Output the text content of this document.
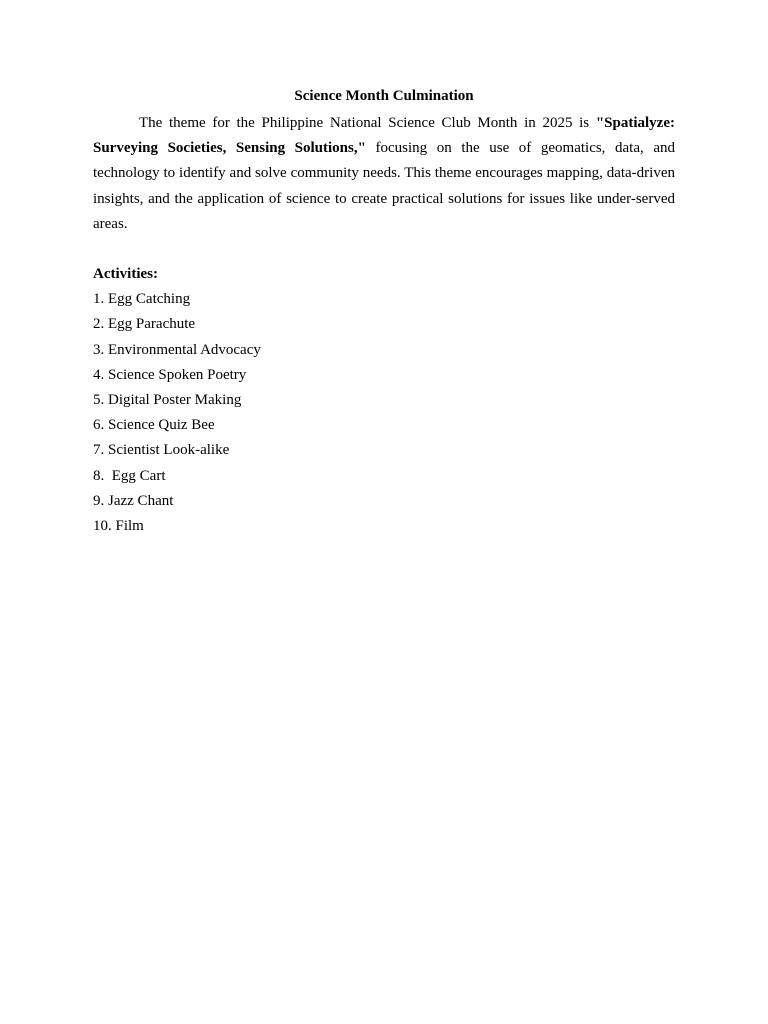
Science Month Culmination

The theme for the Philippine National Science Club Month in 2025 is "Spatialyze: Surveying Societies, Sensing Solutions," focusing on the use of geomatics, data, and technology to identify and solve community needs. This theme encourages mapping, data-driven insights, and the application of science to create practical solutions for issues like under-served areas.

Activities:

1. Egg Catching
2. Egg Parachute
3. Environmental Advocacy
4. Science Spoken Poetry
5. Digital Poster Making
6. Science Quiz Bee
7. Scientist Look-alike
8.  Egg Cart
9. Jazz Chant
10. Film
